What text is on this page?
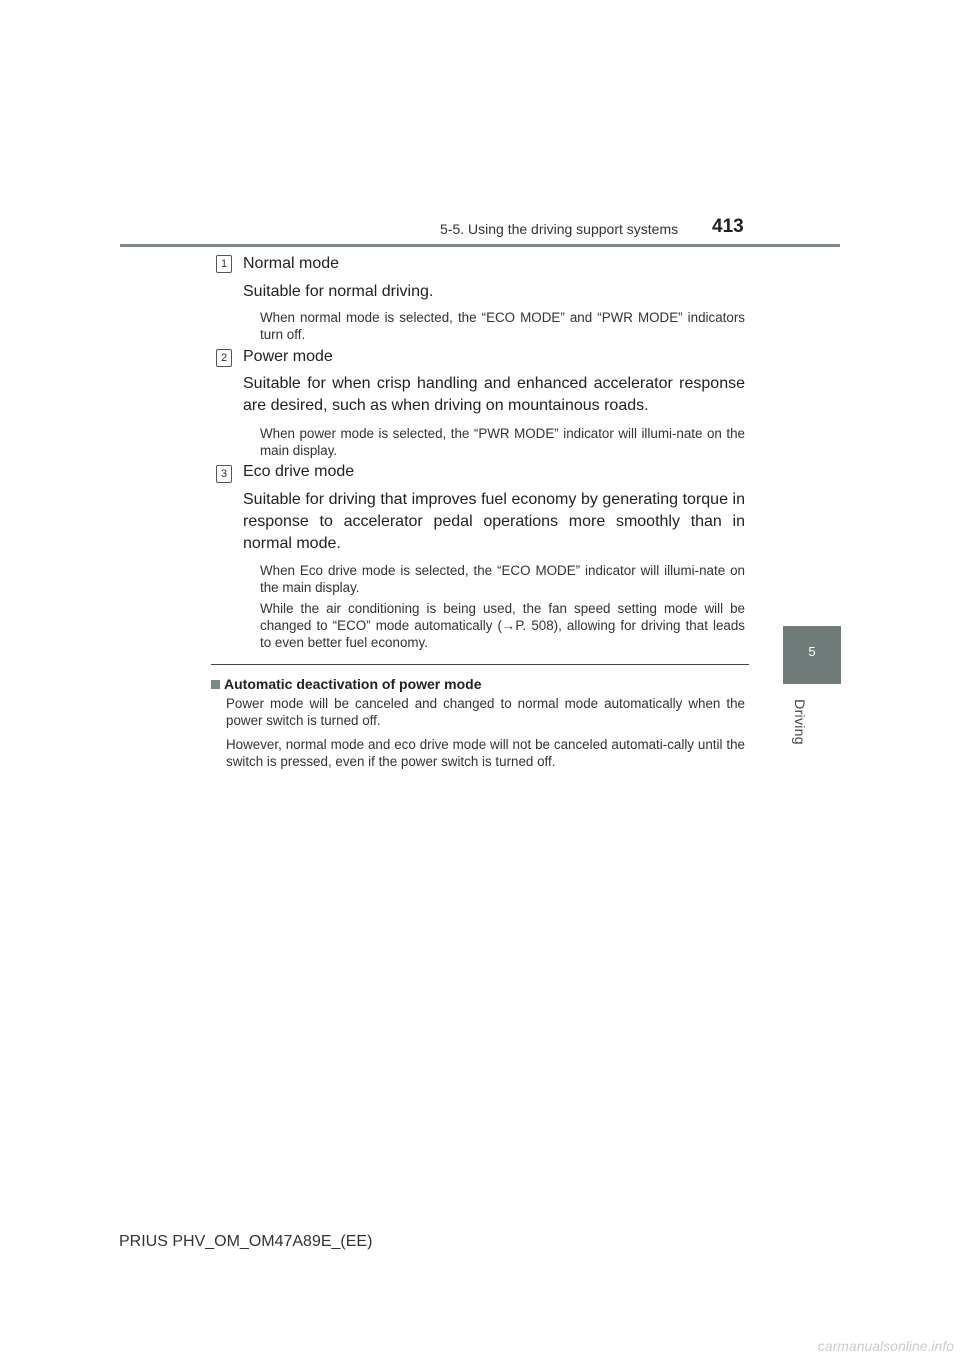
5-5. Using the driving support systems 413
5
Driving
1 Normal mode
Suitable for normal driving.
When normal mode is selected, the “ECO MODE” and “PWR MODE” indicators turn off.
2 Power mode
Suitable for when crisp handling and enhanced accelerator response are desired, such as when driving on mountainous roads.
When power mode is selected, the “PWR MODE” indicator will illumi-nate on the main display.
3 Eco drive mode
Suitable for driving that improves fuel economy by generating torque in response to accelerator pedal operations more smoothly than in normal mode.
When Eco drive mode is selected, the “ECO MODE” indicator will illumi-nate on the main display.
While the air conditioning is being used, the fan speed setting mode will be changed to “ECO” mode automatically (→P. 508), allowing for driving that leads to even better fuel economy.
Automatic deactivation of power mode
Power mode will be canceled and changed to normal mode automatically when the power switch is turned off.
However, normal mode and eco drive mode will not be canceled automati-cally until the switch is pressed, even if the power switch is turned off.
PRIUS PHV_OM_OM47A89E_(EE)
carmanualsonline.info
